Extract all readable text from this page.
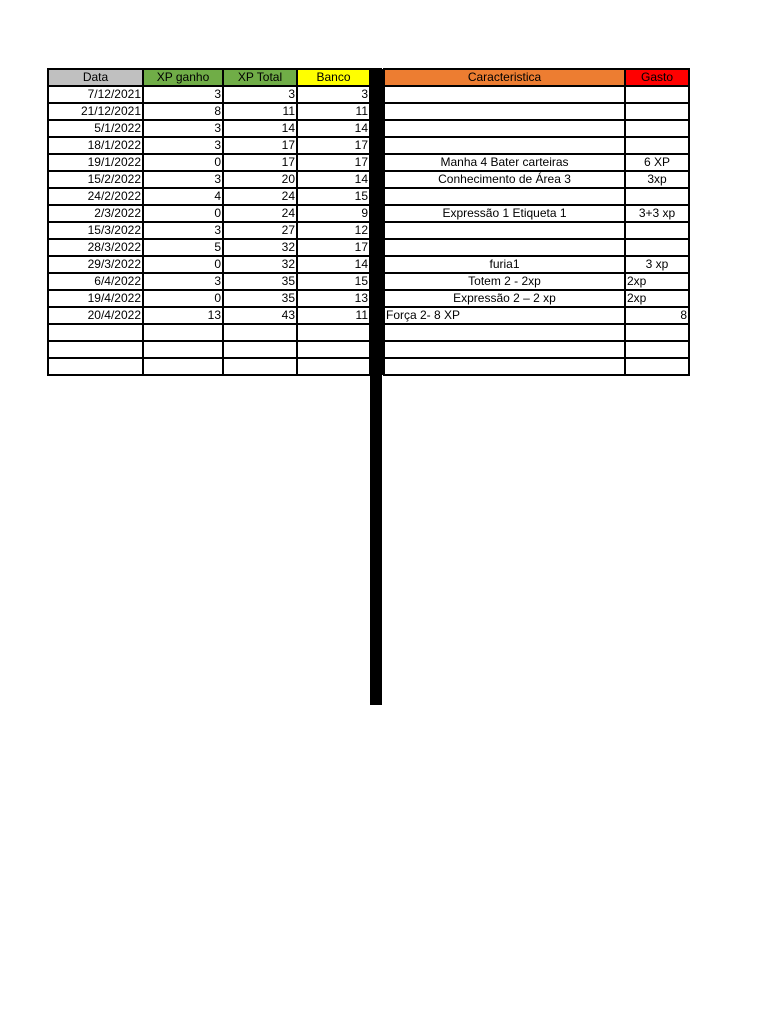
Data	XP ganho	XP Total	Banco		Caracteristica	Gasto
7/12/2021	3	3	3			
21/12/2021	8	11	11			
5/1/2022	3	14	14			
18/1/2022	3	17	17			
19/1/2022	0	17	17		Manha 4 Bater carteiras	6 XP
15/2/2022	3	20	14		Conhecimento de Área 3	3xp
24/2/2022	4	24	15			
2/3/2022	0	24	9		Expressão 1 Etiqueta 1	3+3 xp
15/3/2022	3	27	12			
28/3/2022	5	32	17			
29/3/2022	0	32	14		furia1	3 xp
6/4/2022	3	35	15		Totem 2 - 2xp	2xp
19/4/2022	0	35	13		Expressão 2 – 2 xp	2xp
20/4/2022	13	43	11		Força 2- 8 XP	8
